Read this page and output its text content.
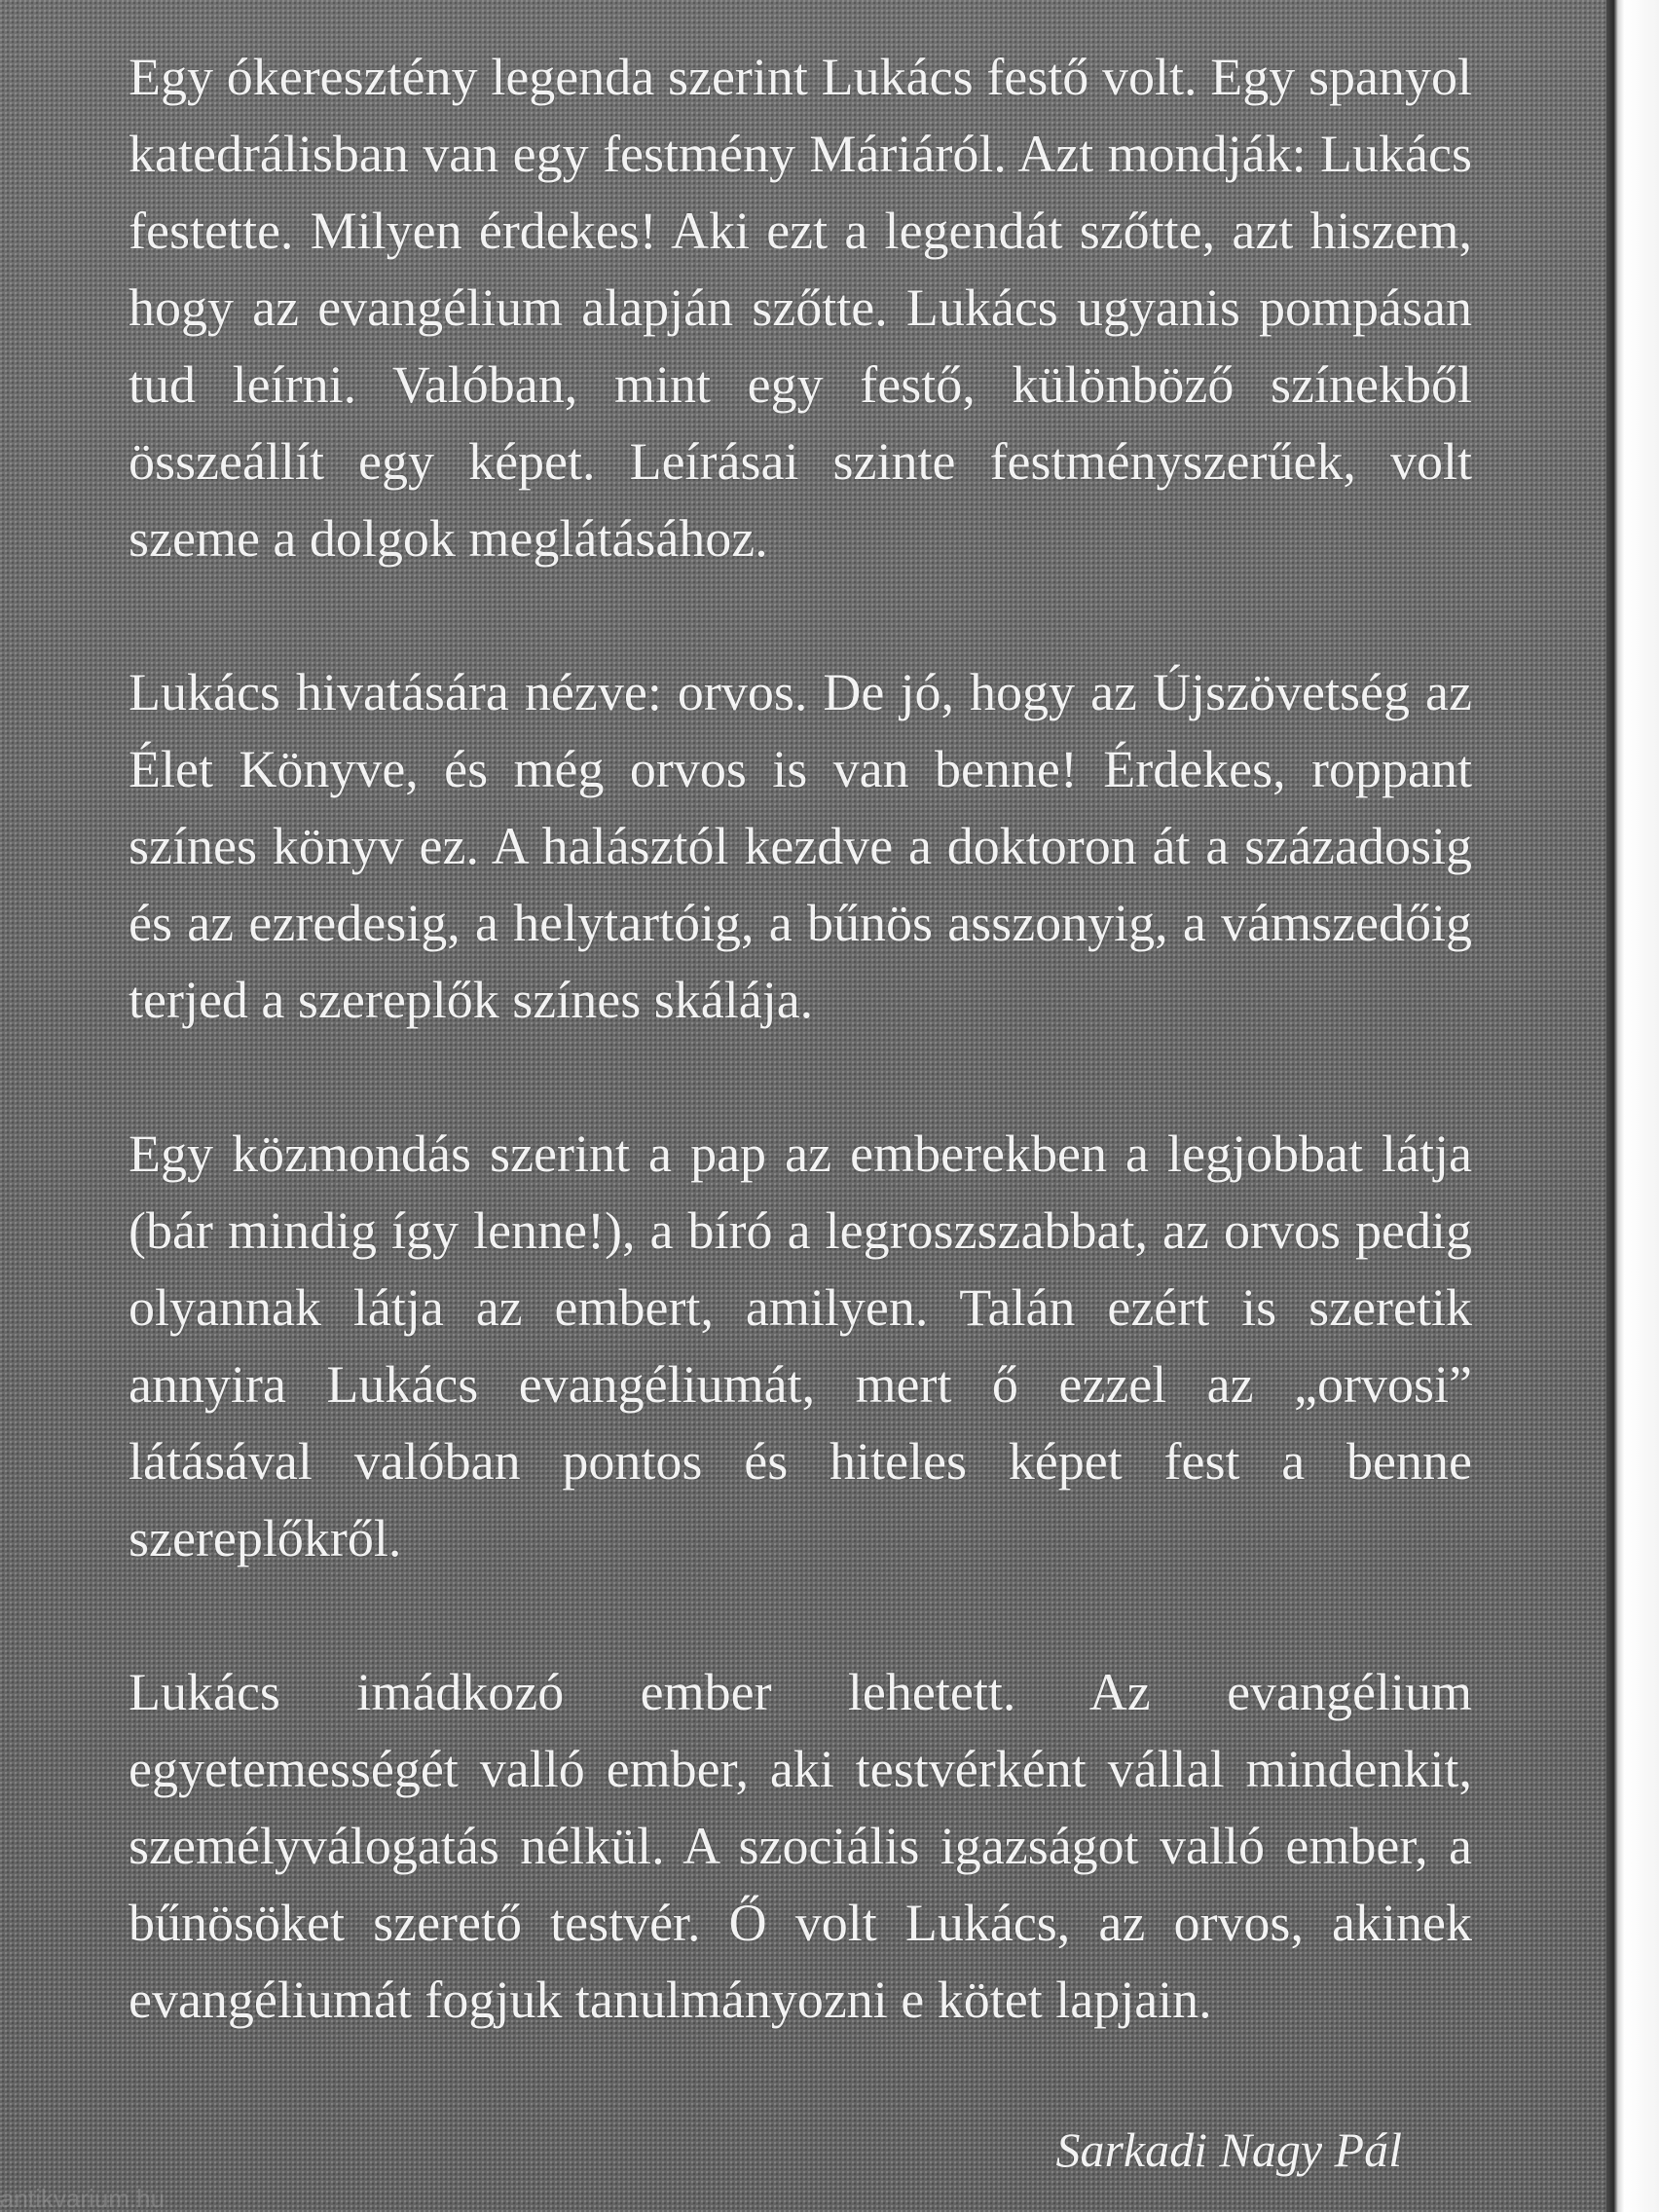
Egy ókeresztény legenda szerint Lukács festő volt. Egy spanyol katedrálisban van egy festmény Máriáról. Azt mondják: Lukács festette. Milyen érdekes! Aki ezt a legendát szőtte, azt hiszem, hogy az evangélium alapján szőtte. Lukács ugyanis pompásan tud leírni. Valóban, mint egy festő, különböző színekből összeállít egy képet. Leírásai szinte festményszerűek, volt szeme a dolgok meglátásához.

Lukács hivatására nézve: orvos. De jó, hogy az Újszövetség az Élet Könyve, és még orvos is van benne! Érdekes, roppant színes könyv ez. A halásztól kezdve a doktoron át a századosig és az ezredesig, a helytartóig, a bűnös asszonyig, a vámszedőig terjed a szereplők színes skálája.

Egy közmondás szerint a pap az emberekben a legjobbat látja (bár mindig így lenne!), a bíró a legroszszabbat, az orvos pedig olyannak látja az embert, amilyen. Talán ezért is szeretik annyira Lukács evangéliumát, mert ő ezzel az „orvosi” látásával valóban pontos és hiteles képet fest a benne szereplőkről.

Lukács imádkozó ember lehetett. Az evangélium egyetemességét valló ember, aki testvérként vállal mindenkit, személyválogatás nélkül. A szociális igazságot valló ember, a bűnösöket szerető testvér. Ő volt Lukács, az orvos, akinek evangéliumát fogjuk tanulmányozni e kötet lapjain.

Sarkadi Nagy Pál
antikvarium.hu
